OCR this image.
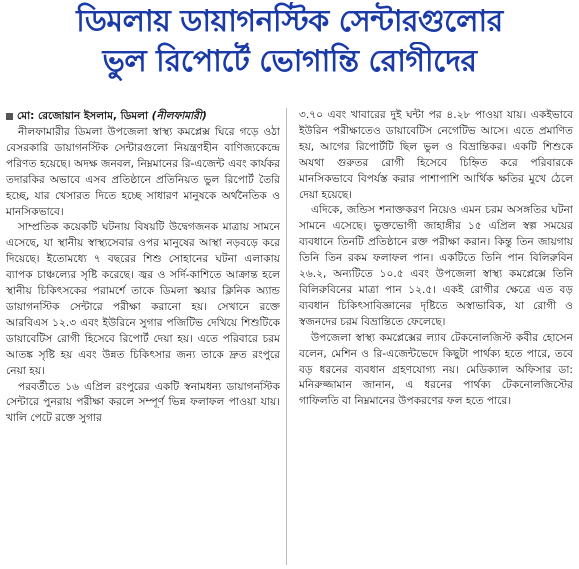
ডিমলায় ডায়াগনস্টিক সেন্টারগুলোর
ভুল রিপোর্টে ভোগান্তি রোগীদের
মো: রেজোয়ান ইসলাম, ডিমলা (নীলফামারী)

নীলফামারীর ডিমলা উপজেলা স্বাস্থ্য কমপ্লেক্স ঘিরে গড়ে ওঠা বেসরকারি ডায়াগনস্টিক সেন্টারগুলো নিয়ন্ত্রণহীন বাণিজ্যকেন্দ্রে পরিণত হয়েছে। অদক্ষ জনবল, নিম্নমানের রি-এজেন্ট এবং কার্যকর তদারকির অভাবে এসব প্রতিষ্ঠানে প্রতিনিয়ত ভুল রিপোর্ট তৈরি হচ্ছে, যার খেসারত দিতে হচ্ছে সাধারণ মানুষকে অর্থনৈতিক ও মানসিকভাবে।

সাম্প্রতিক কয়েকটি ঘটনায় বিষয়টি উদ্বেগজনক মাত্রায় সামনে এসেছে, যা স্থানীয় স্বাস্থ্যসেবার ওপর মানুষের আস্থা নড়বড়ে করে দিয়েছে। ইতোমধ্যে ৭ বছরের শিশু সোহানের ঘটনা এলাকায় ব্যাপক চাঞ্চল্যের সৃষ্টি করেছে। জ্বর ও সর্দি-কাশিতে আক্রান্ত হলে স্থানীয় চিকিৎসকের পরামর্শে তাকে ডিমলা স্কয়ার ক্লিনিক অ্যান্ড ডায়াগনস্টিক সেন্টারে পরীক্ষা করানো হয়। সেখানে রক্তে আরবিএস ১২.৩ এবং ইউরিনে সুগার পজিটিভ দেখিয়ে শিশুটিকে ডায়াবেটিস রোগী হিসেবে রিপোর্ট দেয়া হয়। এতে পরিবারে চরম আতঙ্ক সৃষ্টি হয় এবং উন্নত চিকিৎসার জন্য তাকে দ্রুত রংপুরে নেয়া হয়।

পরবর্তীতে ১৬ এপ্রিল রংপুরের একটি স্বনামধন্য ডায়াগনস্টিক সেন্টারে পুনরায় পরীক্ষা করলে সম্পূর্ণ ভিন্ন ফলাফল পাওয়া যায়। খালি পেটে রক্তে সুগার

৩.৭০ এবং খাবারের দুই ঘন্টা পর ৪.২৮ পাওয়া যায়। একইভাবে ইউরিন পরীক্ষাতেও ডায়াবেটিস নেগেটিভ আসে। এতে প্রমাণিত হয়, আগের রিপোর্টটি ছিল ভুল ও বিভ্রান্তিকর। একটি শিশুকে অযথা গুরুতর রোগী হিসেবে চিহ্নিত করে পরিবারকে মানসিকভাবে বিপর্যস্ত করার পাশাপাশি আর্থিক ক্ষতির মুখে ঠেলে দেয়া হয়েছে।

এদিকে, জন্ডিস শনাক্তকরণ নিয়েও এমন চরম অসঙ্গতির ঘটনা সামনে এসেছে। ভুক্তভোগী জাহাঙ্গীর ১৫ এপ্রিল স্বল্প সময়ের ব্যবধানে তিনটি প্রতিষ্ঠানে রক্ত পরীক্ষা করান। কিন্তু তিন জায়গায় তিনি তিন রকম ফলাফল পান। একটিতে তিনি পান বিলিরুবিন ২৬.২, অন্যটিতে ১০.৫ এবং উপজেলা স্বাস্থ্য কমপ্লেক্সে তিনি বিলিরুবিনের মাত্রা পান ১২.৫। একই রোগীর ক্ষেত্রে এত বড় ব্যবধান চিকিৎসাবিজ্ঞানের দৃষ্টিতে অস্বাভাবিক, যা রোগী ও স্বজনদের চরম বিভ্রান্তিতে ফেলেছে।

উপজেলা স্বাস্থ্য কমপ্লেক্সের ল্যাব টেকনোলজিস্ট কবীর হোসেন বলেন, মেশিন ও রি-এজেন্টভেদে কিছুটা পার্থক্য হতে পারে, তবে বড় ধরনের ব্যবধান গ্রহণযোগ্য নয়। মেডিক্যাল অফিসার ডা: মনিরুজ্জামান জানান, এ ধরনের পার্থক্য টেকনোলজিস্টের গাফিলতি বা নিম্নমানের উপকরণের ফল হতে পারে।
